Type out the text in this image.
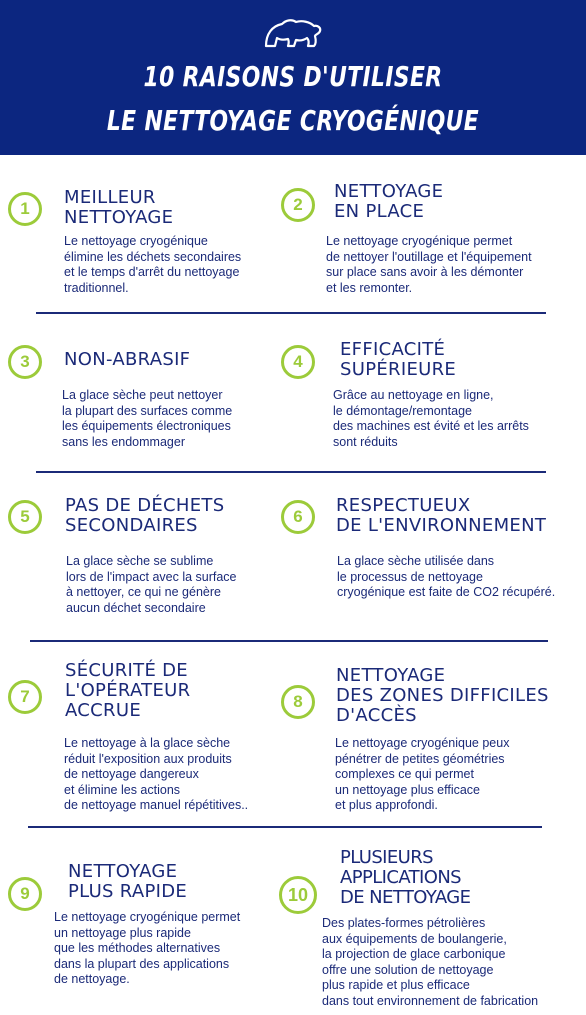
10 RAISONS D'UTILISER
LE NETTOYAGE CRYOGÉNIQUE
1
MEILLEUR
NETTOYAGE
Le nettoyage cryogénique
élimine les déchets secondaires
et le temps d'arrêt du nettoyage
traditionnel.
2
NETTOYAGE
EN PLACE
Le nettoyage cryogénique permet
de nettoyer l'outillage et l'équipement
sur place sans avoir à les démonter
et les remonter.
3	NON-ABRASIF
La glace sèche peut nettoyer
la plupart des surfaces comme
les équipements électroniques
sans les endommager
4
EFFICACITÉ
SUPÉRIEURE
Grâce au nettoyage en ligne,
le démontage/remontage
des machines est évité et les arrêts
sont réduits
5
PAS DE DÉCHETS
SECONDAIRES
La glace sèche se sublime
lors de l'impact avec la surface
à nettoyer, ce qui ne génère
aucun déchet secondaire
6
RESPECTUEUX
DE L'ENVIRONNEMENT
La glace sèche utilisée dans
le processus de nettoyage
cryogénique est faite de CO2 récupéré.
7
SÉCURITÉ DE
L'OPÉRATEUR
ACCRUE
Le nettoyage à la glace sèche
réduit l'exposition aux produits
de nettoyage dangereux
et élimine les actions
de nettoyage manuel répétitives..
8
NETTOYAGE
DES ZONES DIFFICILES
D'ACCÈS
Le nettoyage cryogénique peux
pénétrer de petites géométries
complexes ce qui permet
un nettoyage plus efficace
et plus approfondi.
9
NETTOYAGE
PLUS RAPIDE
Le nettoyage cryogénique permet
un nettoyage plus rapide
que les méthodes alternatives
dans la plupart des applications
de nettoyage.
10
PLUSIEURS
APPLICATIONS
DE NETTOYAGE
Des plates-formes pétrolières
aux équipements de boulangerie,
la projection de glace carbonique
offre une solution de nettoyage
plus rapide et plus efficace
dans tout environnement de fabrication
